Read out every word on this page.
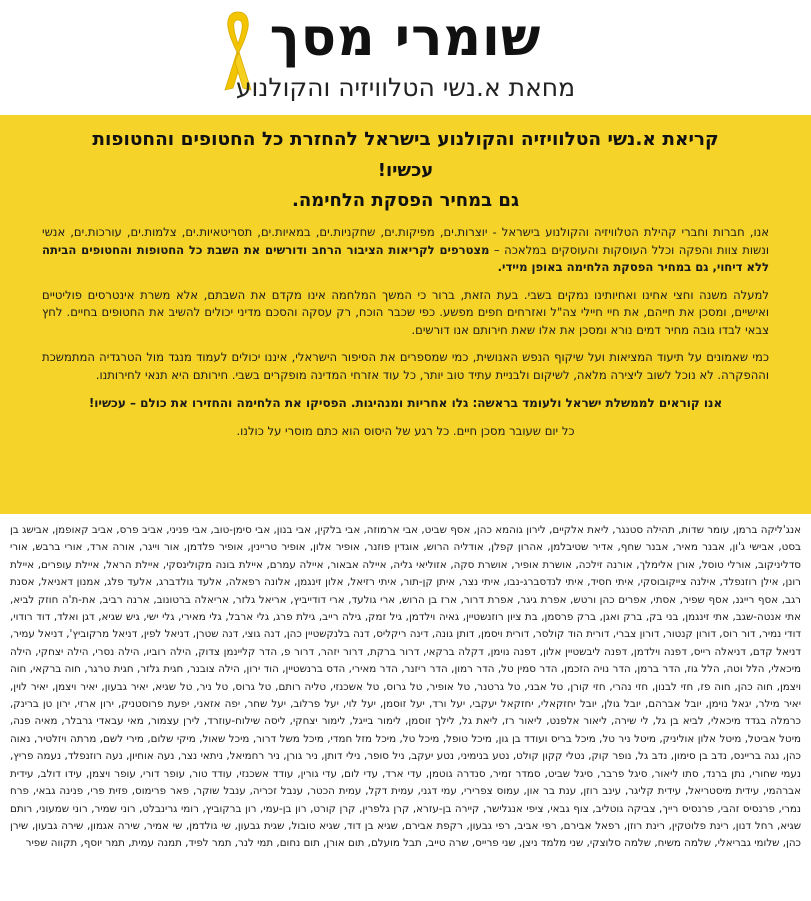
שומרי מסך
מחאת א.נשי הטלוויזיה והקולנוע
קריאת א.נשי הטלוויזיה והקולנוע בישראל להחזרת כל החטופים והחטופות
עכשיו!
גם במחיר הפסקת הלחימה.

אנו, חברות וחברי קהילת הטלוויזיה והקולנוע בישראל - יוצרות.ים, מפיקות.ים, שחקניות.ים, במאיות.ים, תסריטאיות.ים, צלמות.ים, עורכות.ים, אנשי ונשות צוות והפקה וכלל העוסקות והעוסקים במלאכה – מצטרפים לקריאות הציבור הרחב ודורשים את השבת כל החטופות והחטופים הביתה ללא דיחוי, גם במחיר הפסקת הלחימה באופן מיידי.

למעלה משנה וחצי אחינו ואחיותינו נמקים בשבי. בעת הזאת, ברור כי המשך המלחמה אינו מקדם את השבתם, אלא משרת אינטרסים פוליטיים ואישיים, ומסכן את חייהם, את חיי חיילי צה"ל ואזרחים חפים מפשע. כפי שכבר הוכח, רק עסקה והסכם מדיני יכולים להשיב את החטופים בחיים. לחץ צבאי לבדו גובה מחיר דמים נורא ומסכן את אלו שאת חירותם אנו דורשים.

כמי שאמונים על תיעוד המציאות ועל שיקוף הנפש האנושית, כמי שמספרים את הסיפור הישראלי, איננו יכולים לעמוד מנגד מול הטרגדיה המתמשכת וההפקרה. לא נוכל לשוב ליצירה מלאה, לשיקום ולבניית עתיד טוב יותר, כל עוד אזרחי המדינה מופקרים בשבי. חירותם היא תנאי לחירותנו.

אנו קוראים לממשלת ישראל ולעומד בראשה: גלו אחריות ומנהיגות. הפסיקו את הלחימה והחזירו את כולם – עכשיו!

כל יום שעובר מסכן חיים. כל רגע של היסוס הוא כתם מוסרי על כולנו.

אנג'ליקה ברמן, עומר שדות, תהילה סטנגר, ליאת אלקיים, לירון גוהמא כהן, אסף שביט, אבי ארמוזה, אבי בלקין, אבי בנון, אבי סימן-טוב, אבי פניני, אביב פרס, אביב קאופמן, אבישג בן בסט, אבישי ג'ון, אבנר מאיר, אבנר שחף, אדיר שטיבלמן, אהרון קפלן, אודליה הרוש, אוגדין פוזנר, אופיר אלון, אופיר טריינין, אופיר פלדמן, אור וייגר, אורה ארד, אורי ברבש, אורי סדליניקוב, אורלי טוסל, אורן אלימלך, אורנה זילכה, אושרת אופיר, אושרת סקה, אזוליאי גליה, איילה אבאור, איילה עמרם, איילת בונה מקולינסקי, איילת הראל, איילת עופרים, איילת רונן, אילן רוזנפלד, אילנה צייקובוסקי, איתי חסיד, איתי לנדסברג-נבו, איתי נצר, איתן קן-תור, איתי רזיאל, אלון זינגמן, אלונה רפאלה, אלעד גולדברג, אלעד פלג, אמנון דאניאל, אסנת רגב, אסף רייגנ, אסף שפיר, אסתי, אפרים כהן ורטש, אפרת גיגר, אפרת דרור, ארז בן הרוש, ארי גולעד, ארי דודייביץ, אריאל גלזר, אריאלה ברטונוב, ארנה רביב, את-ת'ה חוזק לביא, אתי אנטה-שגב, אתי זינגמן, בני בק, ברק ואגן, ברק פרסמן, בת ציון רוזנשטיין, גאיה וילדמן, גיל זמק, גילה רייב, גילת פרג, גלי ארבל, גלי מאירי, גלי ישי, גיש שגיא, דגן ואלד, דוד רודוי, דודי נמיר, דור רוס, דורון קנטור, דורון צברי, דורית הוד קולסר, דורית ויסמן, דותן גונה, דינה ריקליס, דנה בלנקשטיין כהן, דנה גוצי, דנה שטרן, דניאל לפין, דניאל מרקוביץ', דניאל עמיר, דניאל קדם, דניאלה רייס, דפנה וילדמן, דפנה ליבשטיין אלון, דפנה נוימן, דקלה ברקאי, דרור ברקת, דרור יזהר, דרור פ, הדר קליינמן צדוק, הילה רוביו, הילה נסרי, הילה יצחקי, הילה מיכאלי, הלל וטה, הלל גוז, הדר ברמן, הדר נויה הזכמן, הדר סמין טל, הדר רמון, הדר ריזנר, הדר מאירי, הדס ברנשטיין, הוד ירון, הילה צובנר, חגית גלזר, חגית טרגר, חוה ברקאי, חוה ויצמן, חוה כהן, חוה פז, חזי לבנון, חזי נהרי, חזי קורן, טל אבני, טל גרטנר, טל אופיר, טל גרוס, טל אשכנזי, טליה רותם, טל גרוס, טל ניר, טל שגיא, יאיר גבעון, יאיר ויצמן, יאיר לוין, יאיר מילר, יגאל נוימן, יובל אברהם, יובל גולן, יובל יחזקאלי, יחזקאל יעקבי, יעל ורד, יעל זוסמן, יעל לוי, יעל פרלוב, יעל שחר, יפה אזאני, יפעת פרוסטניק, ירון ארזי, ירון טן ברינק, כרמלה בגדד מיכאלי, לביא בן גל, לי שירה, ליאור אלפנט, ליאור רז, ליאת גל, לילך זוסמן, לימור בייגל, לימור יצחקי, ליסה שילוח-עוזרד, לירן עצמור, מאי עבאדי גרבלר, מאיה פנה, מיטל אביטל, מיטל אלון אוליניק, מיטל ניר טל, מיכל בריס ועודד בן גון, מיכל טופל, מיכל טל, מיכל מזל חמדי, מיכל משל דרור, מיכל שאול, מיקי שלום, מירי לשם, מרתה ויזלטיר, נאוה כהן, נגה בריינס, נדב בן סימון, נדב גל, נופר קוק, נטלי קקון קולט, נטע בנימיני, נטע יעקב, ניל סופר, נילי דותן, ניר גורן, ניר רחמיאל, ניתאי נצר, נעה אוחיון, נעה רוזנפלד, נעמה פריץ, נעמי שחורי, נתן ברנד, סתו ליאור, סיגל פרבר, סיגל שביט, סמדר זמיר, סנדרה גוטמן, עדי ארד, עדי לום, עדי גורין, עודד אשכנזי, עודד טור, עופר דורי, עופר ויצמן, עידו דולב, עידית אברהמי, עידית מיסטריאל, עידית קליגר, עינב רוזן, ענת בר און, עמוס צפרירי, עמי דגני, עמית דקל, עמית הכטר, ענבל זכריה, ענבל שוקר, פאר פרימוס, פזית פרי, פנינה גבאי, פרח נמרי, פרנסיס זהבי, פרנסיס רייך, צביקה גוטליב, צוף גבאי, ציפי אנגלישר, קיירה בן-עזרא, קרן גלפרין, קרן קורט, רון בן-עמי, רון ברקוביץ, רומי גרינבלט, רוני שמיר, רוני שמעוני, רותם שגיא, רחל דנון, רינת פלוטקין, רינת רוזן, רפאל אבירם, רפי אביב, רפי גבעון, רקפת אבירם, שגיא בן דוד, שגיא טובול, שגית גבעון, שי גולדמן, שי אמיר, שירה אגמון, שירה גבעון, שירן כהן, שלומי גבריאלי, שלמה משיח, שלמה סלוצקי, שני מלמד ניצן, שני פרייס, שרה טייב, תבל מועלם, תום אורן, תום נחום, תמי לנר, תמר לפיד, תמנה עמית, תמר יוסף, תקווה שפיר
